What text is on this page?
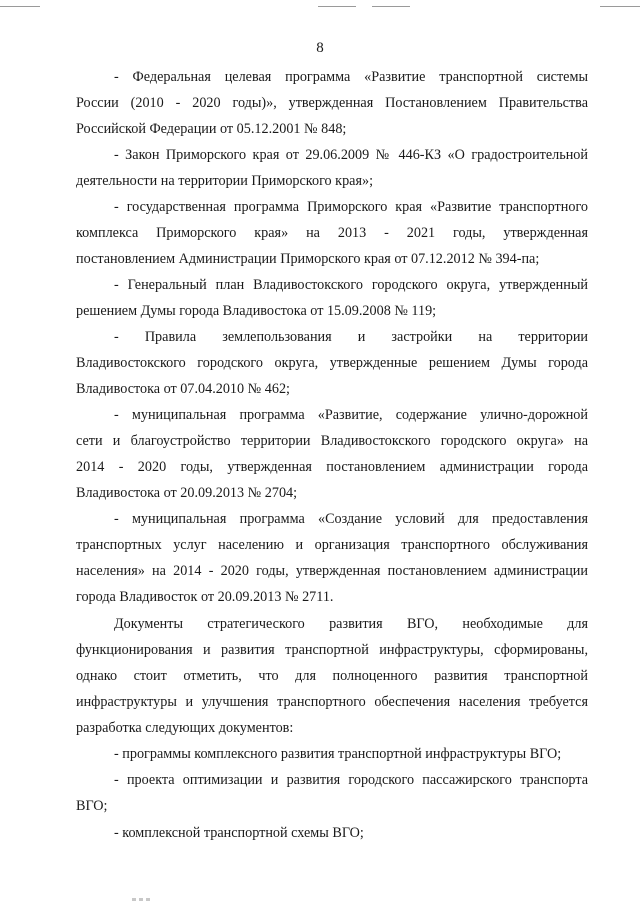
8

- Федеральная целевая программа «Развитие транспортной системы
России (2010 - 2020 годы)», утвержденная Постановлением Правительства
Российской Федерации от 05.12.2001 № 848;

- Закон Приморского края от 29.06.2009 № 446-КЗ «О градостроительной
деятельности на территории Приморского края»;

- государственная программа Приморского края «Развитие транспортного
комплекса Приморского края» на 2013 - 2021 годы, утвержденная
постановлением Администрации Приморского края от 07.12.2012 № 394-па;

- Генеральный план Владивостокского городского округа, утвержденный
решением Думы города Владивостока от 15.09.2008 № 119;

- Правила землепользования и застройки на территории
Владивостокского городского округа, утвержденные решением Думы города
Владивостока от 07.04.2010 № 462;

- муниципальная программа «Развитие, содержание улично-дорожной
сети и благоустройство территории Владивостокского городского округа» на
2014 - 2020 годы, утвержденная постановлением администрации города
Владивостока от 20.09.2013 № 2704;

- муниципальная программа «Создание условий для предоставления
транспортных услуг населению и организация транспортного обслуживания
населения» на 2014 - 2020 годы, утвержденная постановлением администрации
города Владивосток от 20.09.2013 № 2711.

Документы стратегического развития ВГО, необходимые для
функционирования и развития транспортной инфраструктуры, сформированы,
однако стоит отметить, что для полноценного развития транспортной
инфраструктуры и улучшения транспортного обеспечения населения требуется
разработка следующих документов:

- программы комплексного развития транспортной инфраструктуры ВГО;

- проекта оптимизации и развития городского пассажирского транспорта
ВГО;

- комплексной транспортной схемы ВГО;
